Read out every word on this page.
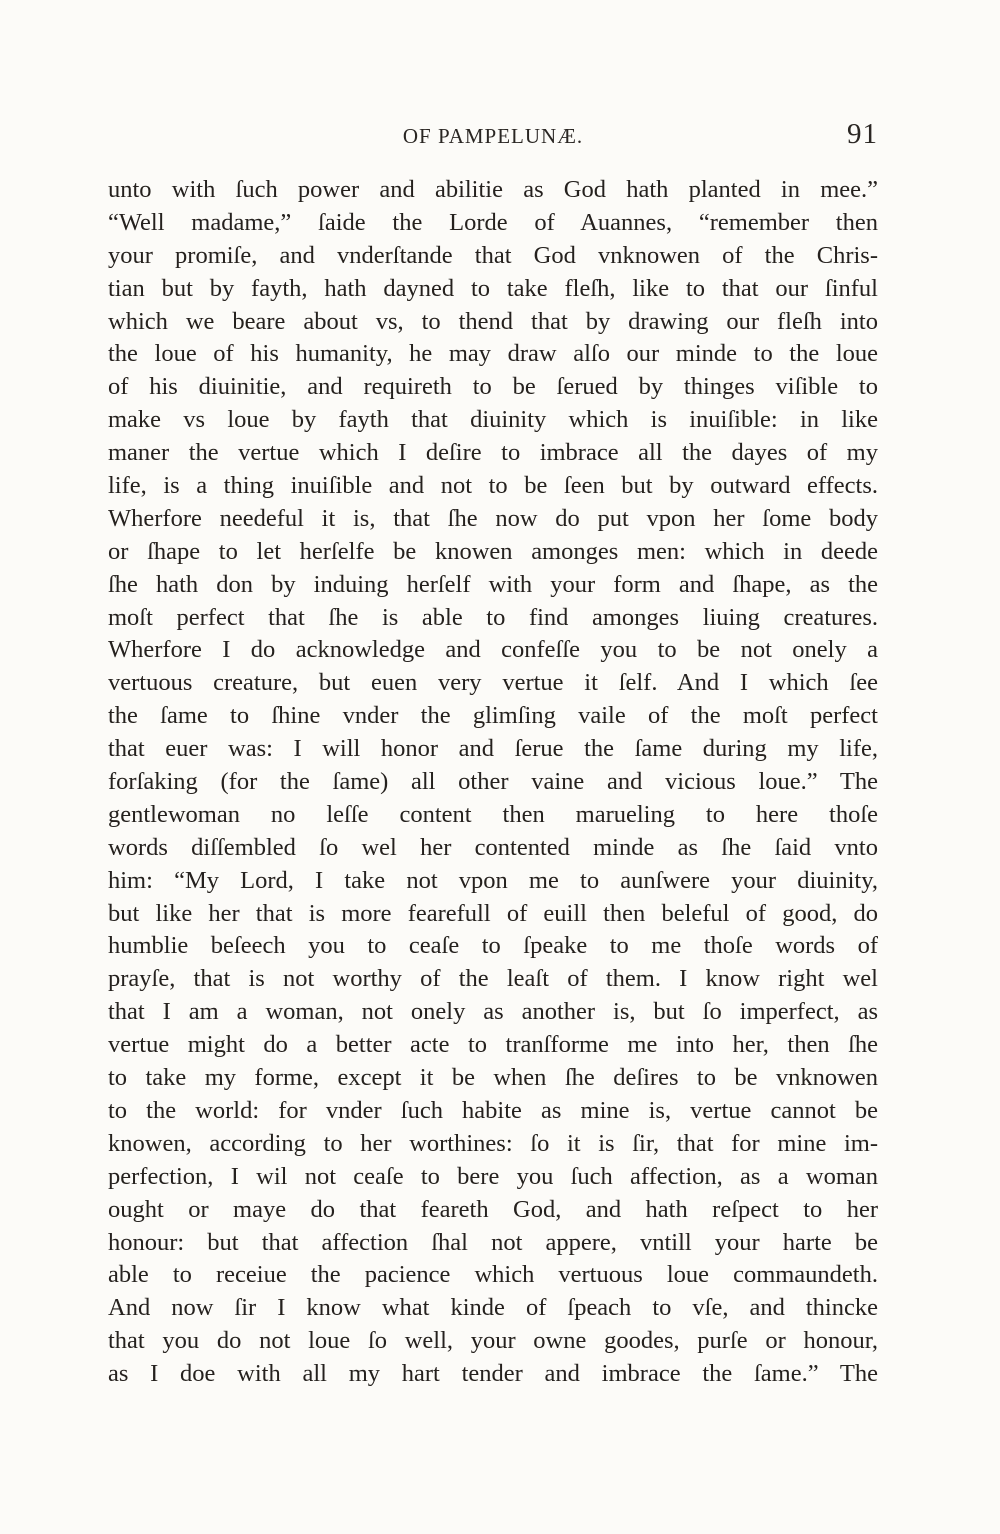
OF PAMPELUNÆ.	91
unto with ſuch power and abilitie as God hath planted in mee.”
“Well madame,” ſaide the Lorde of Auannes, “remember then
your promiſe, and vnderſtande that God vnknowen of the Chris-
tian but by fayth, hath dayned to take fleſh, like to that our ſinful
which we beare about vs, to thend that by drawing our fleſh into
the loue of his humanity, he may draw alſo our minde to the loue
of his diuinitie, and requireth to be ſerued by thinges viſible to
make vs loue by fayth that diuinity which is inuiſible: in like
maner the vertue which I deſire to imbrace all the dayes of my
life, is a thing inuiſible and not to be ſeen but by outward effects.
Wherfore needeful it is, that ſhe now do put vpon her ſome body
or ſhape to let herſelfe be knowen amonges men: which in deede
ſhe hath don by induing herſelf with your form and ſhape, as the
moſt perfect that ſhe is able to find amonges liuing creatures.
Wherfore I do acknowledge and confeſſe you to be not onely a
vertuous creature, but euen very vertue it ſelf. And I which ſee
the ſame to ſhine vnder the glimſing vaile of the moſt perfect
that euer was: I will honor and ſerue the ſame during my life,
forſaking (for the ſame) all other vaine and vicious loue.” The
gentlewoman no leſſe content then marueling to here thoſe
words diſſembled ſo wel her contented minde as ſhe ſaid vnto
him: “My Lord, I take not vpon me to aunſwere your diuinity,
but like her that is more fearefull of euill then beleful of good, do
humblie beſeech you to ceaſe to ſpeake to me thoſe words of
prayſe, that is not worthy of the leaſt of them. I know right wel
that I am a woman, not onely as another is, but ſo imperfect, as
vertue might do a better acte to tranſforme me into her, then ſhe
to take my forme, except it be when ſhe deſires to be vnknowen
to the world: for vnder ſuch habite as mine is, vertue cannot be
knowen, according to her worthines: ſo it is ſir, that for mine im-
perfection, I wil not ceaſe to bere you ſuch affection, as a woman
ought or maye do that feareth God, and hath reſpect to her
honour: but that affection ſhal not appere, vntill your harte be
able to receiue the pacience which vertuous loue commaundeth.
And now ſir I know what kinde of ſpeach to vſe, and thincke
that you do not loue ſo well, your owne goodes, purſe or honour,
as I doe with all my hart tender and imbrace the ſame.” The
